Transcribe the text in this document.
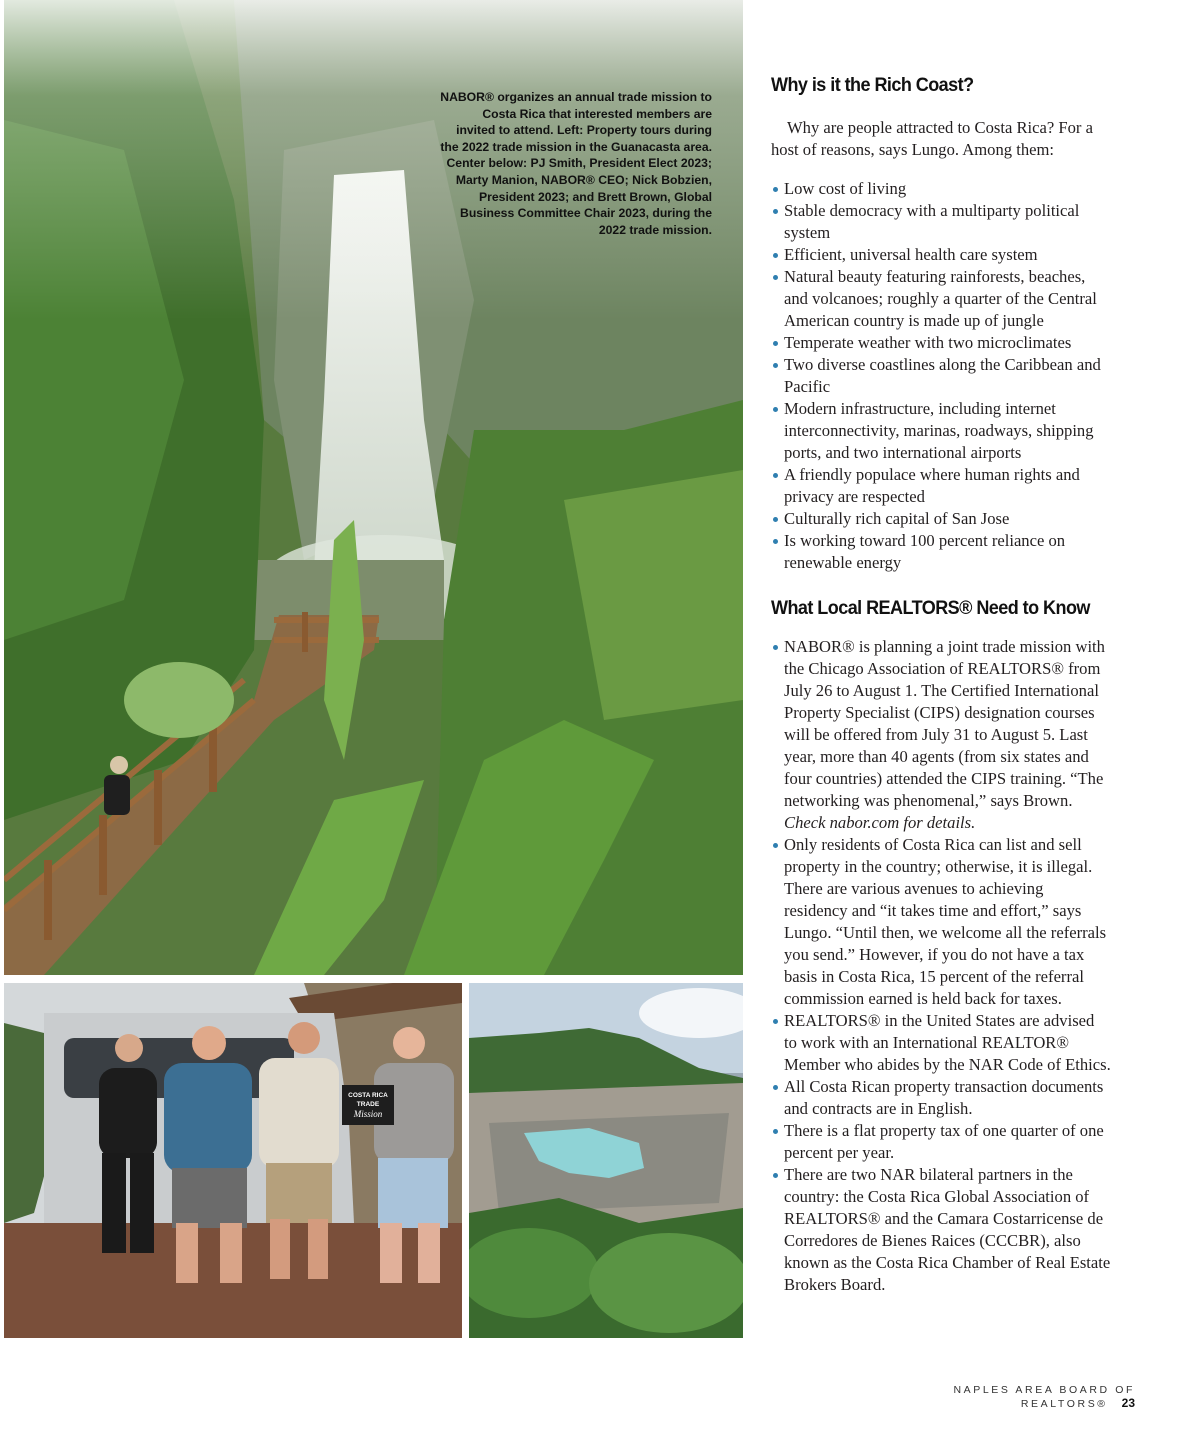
NABOR® organizes an annual trade mission to Costa Rica that interested members are invited to attend. Left: Property tours during the 2022 trade mission in the Guanacasta area. Center below: PJ Smith, President Elect 2023; Marty Manion, NABOR® CEO; Nick Bobzien, President 2023; and Brett Brown, Global Business Committee Chair 2023, during the 2022 trade mission.
COSTA RICA
TRADE
Mission
Why is it the Rich Coast?

Why are people attracted to Costa Rica? For a host of reasons, says Lungo. Among them:

Low cost of living
Stable democracy with a multiparty political system
Efficient, universal health care system
Natural beauty featuring rainforests, beaches, and volcanoes; roughly a quarter of the Central American country is made up of jungle
Temperate weather with two microclimates
Two diverse coastlines along the Caribbean and Pacific
Modern infrastructure, including internet interconnectivity, marinas, roadways, shipping ports, and two international airports
A friendly populace where human rights and privacy are respected
Culturally rich capital of San Jose
Is working toward 100 percent reliance on renewable energy
What Local REALTORS® Need to Know
NABOR® is planning a joint trade mission with the Chicago Association of REALTORS® from July 26 to August 1. The Certified International Property Specialist (CIPS) designation courses will be offered from July 31 to August 5. Last year, more than 40 agents (from six states and four countries) attended the CIPS training. “The networking was phenomenal,” says Brown. Check nabor.com for details.
Only residents of Costa Rica can list and sell property in the country; otherwise, it is illegal. There are various avenues to achieving residency and “it takes time and effort,” says Lungo. “Until then, we welcome all the referrals you send.” However, if you do not have a tax basis in Costa Rica, 15 percent of the referral commission earned is held back for taxes.
REALTORS® in the United States are advised to work with an International REALTOR® Member who abides by the NAR Code of Ethics.
All Costa Rican property transaction documents and contracts are in English.
There is a flat property tax of one quarter of one percent per year.
There are two NAR bilateral partners in the country: the Costa Rica Global Association of REALTORS® and the Camara Costarricense de Corredores de Bienes Raices (CCCBR), also known as the Costa Rica Chamber of Real Estate Brokers Board.
NAPLES AREA BOARD OF REALTORS® 23
